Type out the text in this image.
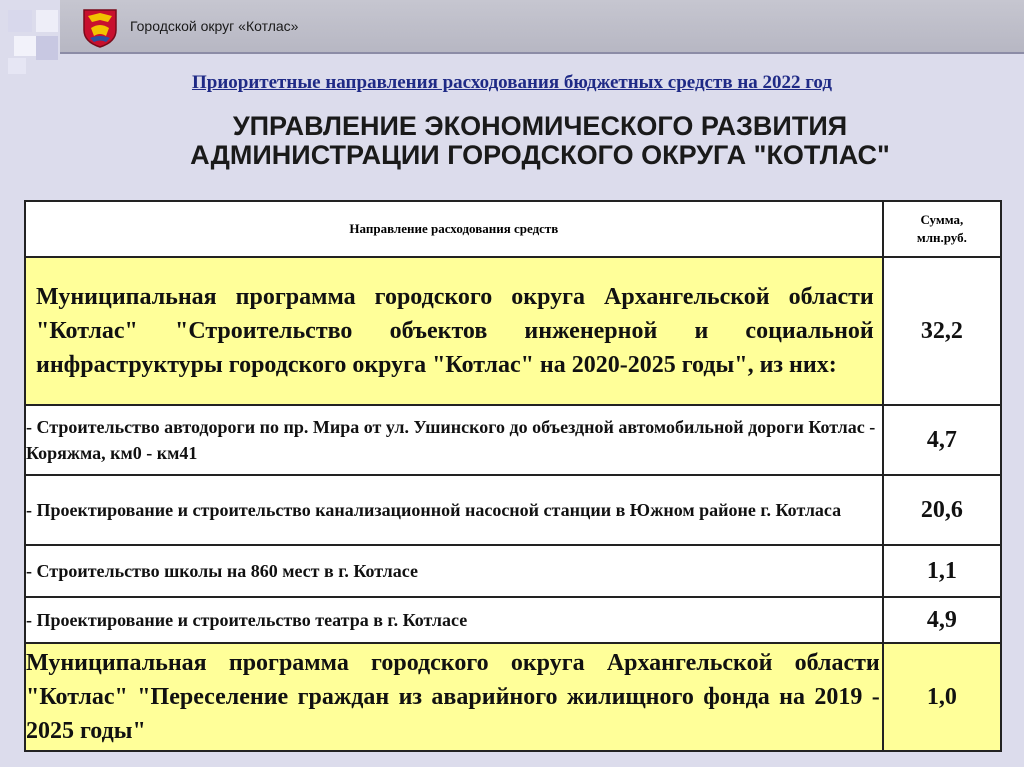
Городской округ «Котлас»
Приоритетные направления расходования бюджетных средств на 2022 год
УПРАВЛЕНИЕ ЭКОНОМИЧЕСКОГО РАЗВИТИЯ
АДМИНИСТРАЦИИ ГОРОДСКОГО ОКРУГА "КОТЛАС"
Направление расходования средств	Сумма,
млн.руб.

Муниципальная программа городского округа Архангельской области "Котлас" "Строительство объектов инженерной и социальной инфраструктуры городского округа "Котлас" на 2020-2025 годы", из них:	32,2

- Строительство автодороги по пр. Мира от ул. Ушинского до объездной автомобильной дороги Котлас - Коряжма, км0 - км41	4,7

- Проектирование и строительство канализационной насосной станции в Южном районе г. Котласа	20,6

- Строительство школы на 860 мест в г. Котласе	1,1

- Проектирование и строительство театра в г. Котласе	4,9

Муниципальная программа городского округа Архангельской области "Котлас" "Переселение граждан из аварийного жилищного фонда на 2019 - 2025 годы"	1,0
